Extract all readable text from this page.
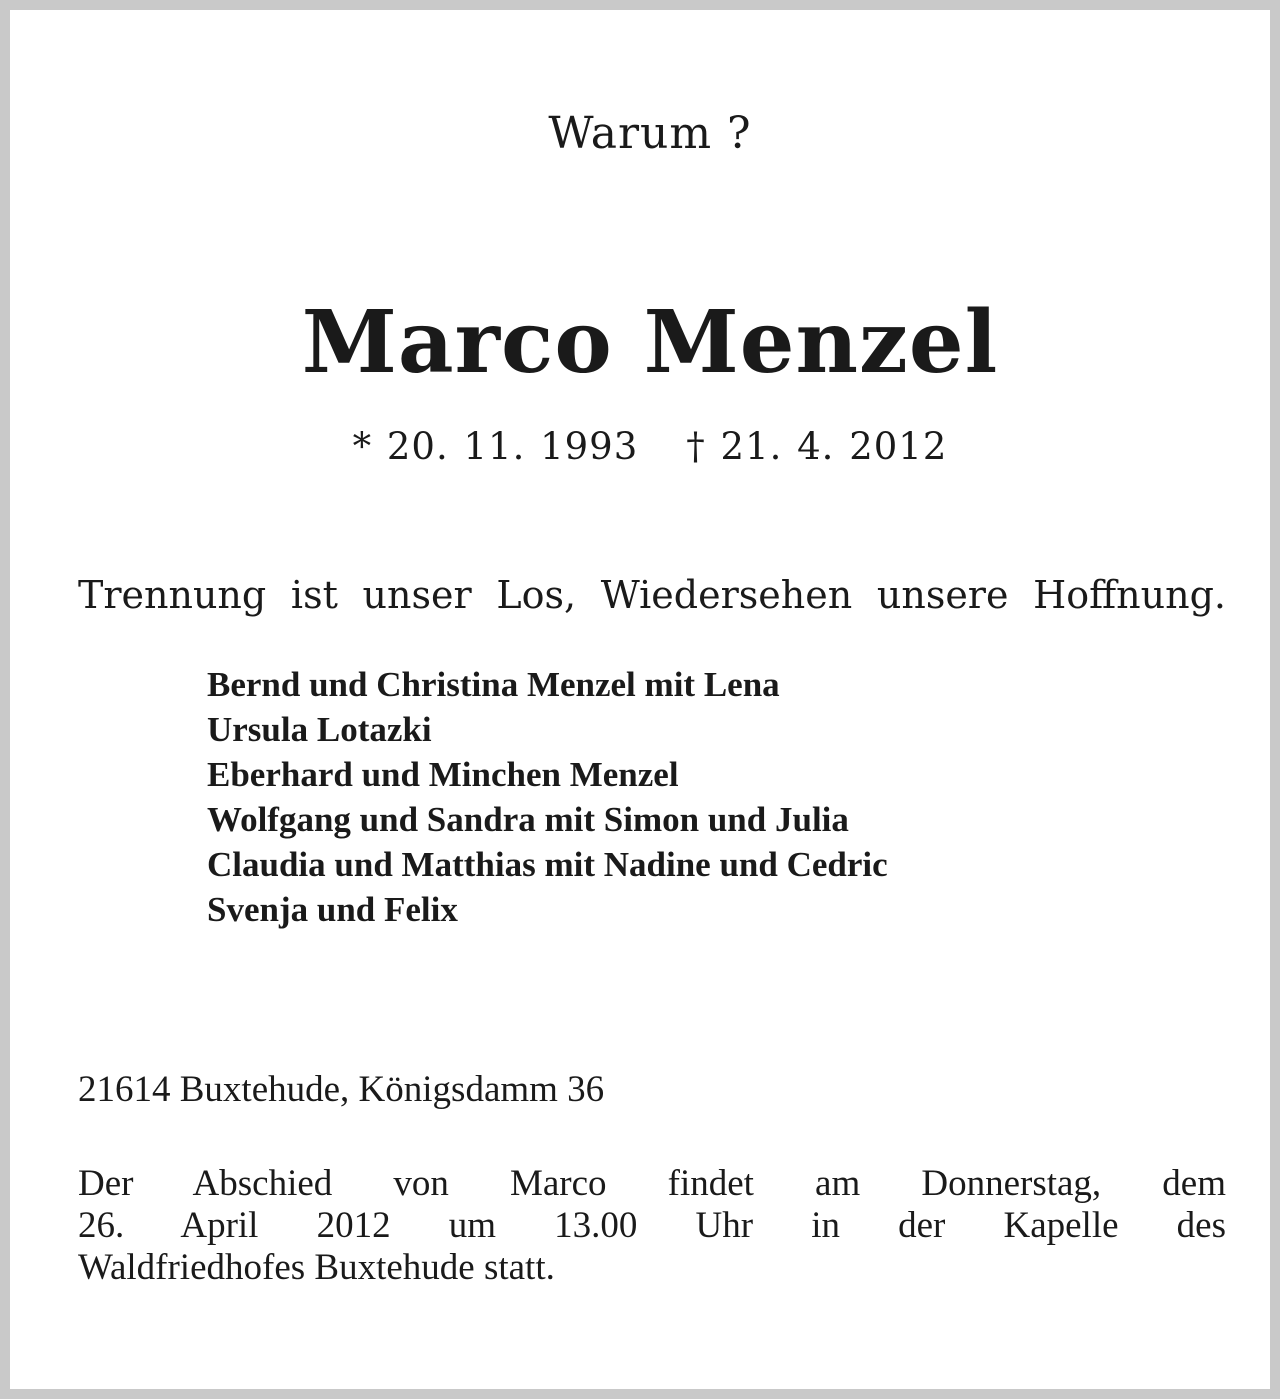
Warum ?

Marco Menzel

* 20. 11. 1993 † 21. 4. 2012

Trennung ist unser Los, Wiedersehen unsere Hoffnung.

Bernd und Christina Menzel mit Lena
Ursula Lotazki
Eberhard und Minchen Menzel
Wolfgang und Sandra mit Simon und Julia
Claudia und Matthias mit Nadine und Cedric
Svenja und Felix

21614 Buxtehude, Königsdamm 36

Der Abschied von Marco findet am Donnerstag, dem
26. April 2012 um 13.00 Uhr in der Kapelle des
Waldfriedhofes Buxtehude statt.
